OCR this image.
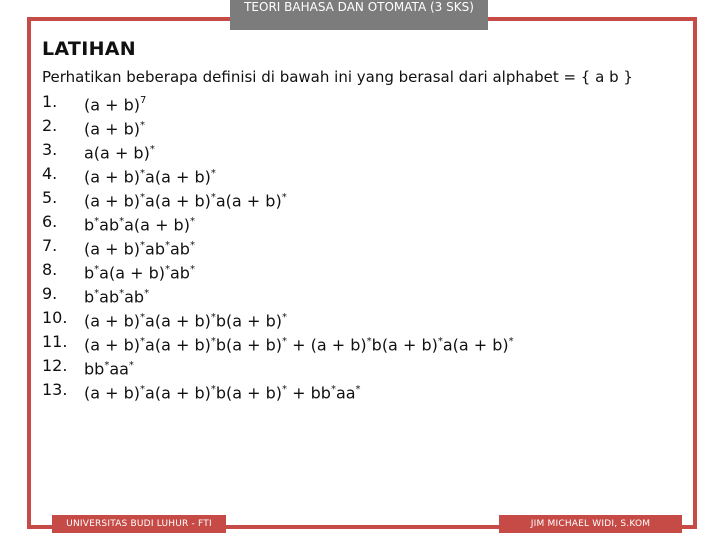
TEORI BAHASA DAN OTOMATA (3 SKS)
LATIHAN
Perhatikan beberapa definisi di bawah ini yang berasal dari alphabet = { a b }
1.	$(a + b)^7$
2.	(a + b)*
3.	a(a + b)*
4.	(a + b)*a(a + b)*
5.	(a + b)*a(a + b)*a(a + b)*
6.	b*ab*a(a + b)*
7.	(a + b)*ab*ab*
8.	b*a(a + b)*ab*
9.	b*ab*ab*
10.	(a + b)*a(a + b)*b(a + b)*
11.	(a + b)*a(a + b)*b(a + b)* + (a + b)*b(a + b)*a(a + b)*
12.	bb*aa*
13.	(a + b)*a(a + b)*b(a + b)* + bb*aa*
UNIVERSITAS BUDI LUHUR - FTI	JIM MICHAEL WIDI, S.KOM
